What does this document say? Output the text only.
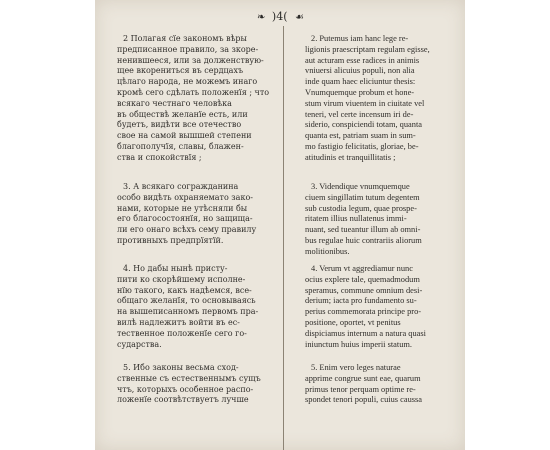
❧ )4( ☙
2 Полагая сїе закономъ вѣры
предписанное правило, за зкоре-
ненившееся, или за долженствую-
щее вкорениться въ сердцахъ
цѣлаго народа, не можемъ инаго
кромѣ сего сдѣлать положенїя ; что
всякаго честнаго человѣка
въ обществѣ желанїе есть, или
будетъ, видѣти все отечество
свое на самой вышшей степени
благополучїя, славы, блажен-
ства и спокойствїя ;
3. А всякаго согражданина
особо видѣть охраняемато зако-
нами, которые не утѣсняли бы
его благосостоянїя, но защища-
ли его онаго всѣхъ сему правилу
противныхъ предпрїятїй.
4. Но дабы нынѣ присту-
пити ко скорѣйшему исполне-
нїю такого, какъ надѣемся, все-
общаго желанїя, то основываясь
на вышеписанномъ первомъ пра-
вилѣ надлежитъ войти въ ес-
тественное положенїе сего го-
сударства.
5. Ибо законы весьма сход-
ственные съ естественнымъ сущъ
чтъ, которыхъ особенное распо-
ложенїе соотвѣтствуетъ лучше
2. Putemus iam hanc lege re-
ligionis praescriptam regulam egisse,
aut acturam esse radices in animis
vniuersi alicuius populi, non alia
inde quam haec eliciuntur thesis:
Vnumquemque probum et hone-
stum virum viuentem in ciuitate vel
teneri, vel certe incensum iri de-
siderio, conspiciendi totam, quanta
quanta est, patriam suam in sum-
mo fastigio felicitatis, gloriae, be-
atitudinis et tranquillitatis ;
3. Videndique vnumquemque
ciuem singillatim tutum degentem
sub custodia legum, quae prospe-
ritatem illius nullatenus immi-
nuant, sed tueantur illum ab omni-
bus regulae huic contrariis aliorum
molitionibus.
4. Verum vt aggrediamur nunc
ocius explere tale, quemadmodum
speramus, commune omnium desi-
derium; iacta pro fundamento su-
perius commemorata principe pro-
positione, oportet, vt penitus
dispiciamus internum a natura quasi
iniunctum huius imperii statum.
5. Enim vero leges naturae
apprime congrue sunt eae, quarum
primus tenor perquam optime re-
spondet tenori populi, cuius caussa
